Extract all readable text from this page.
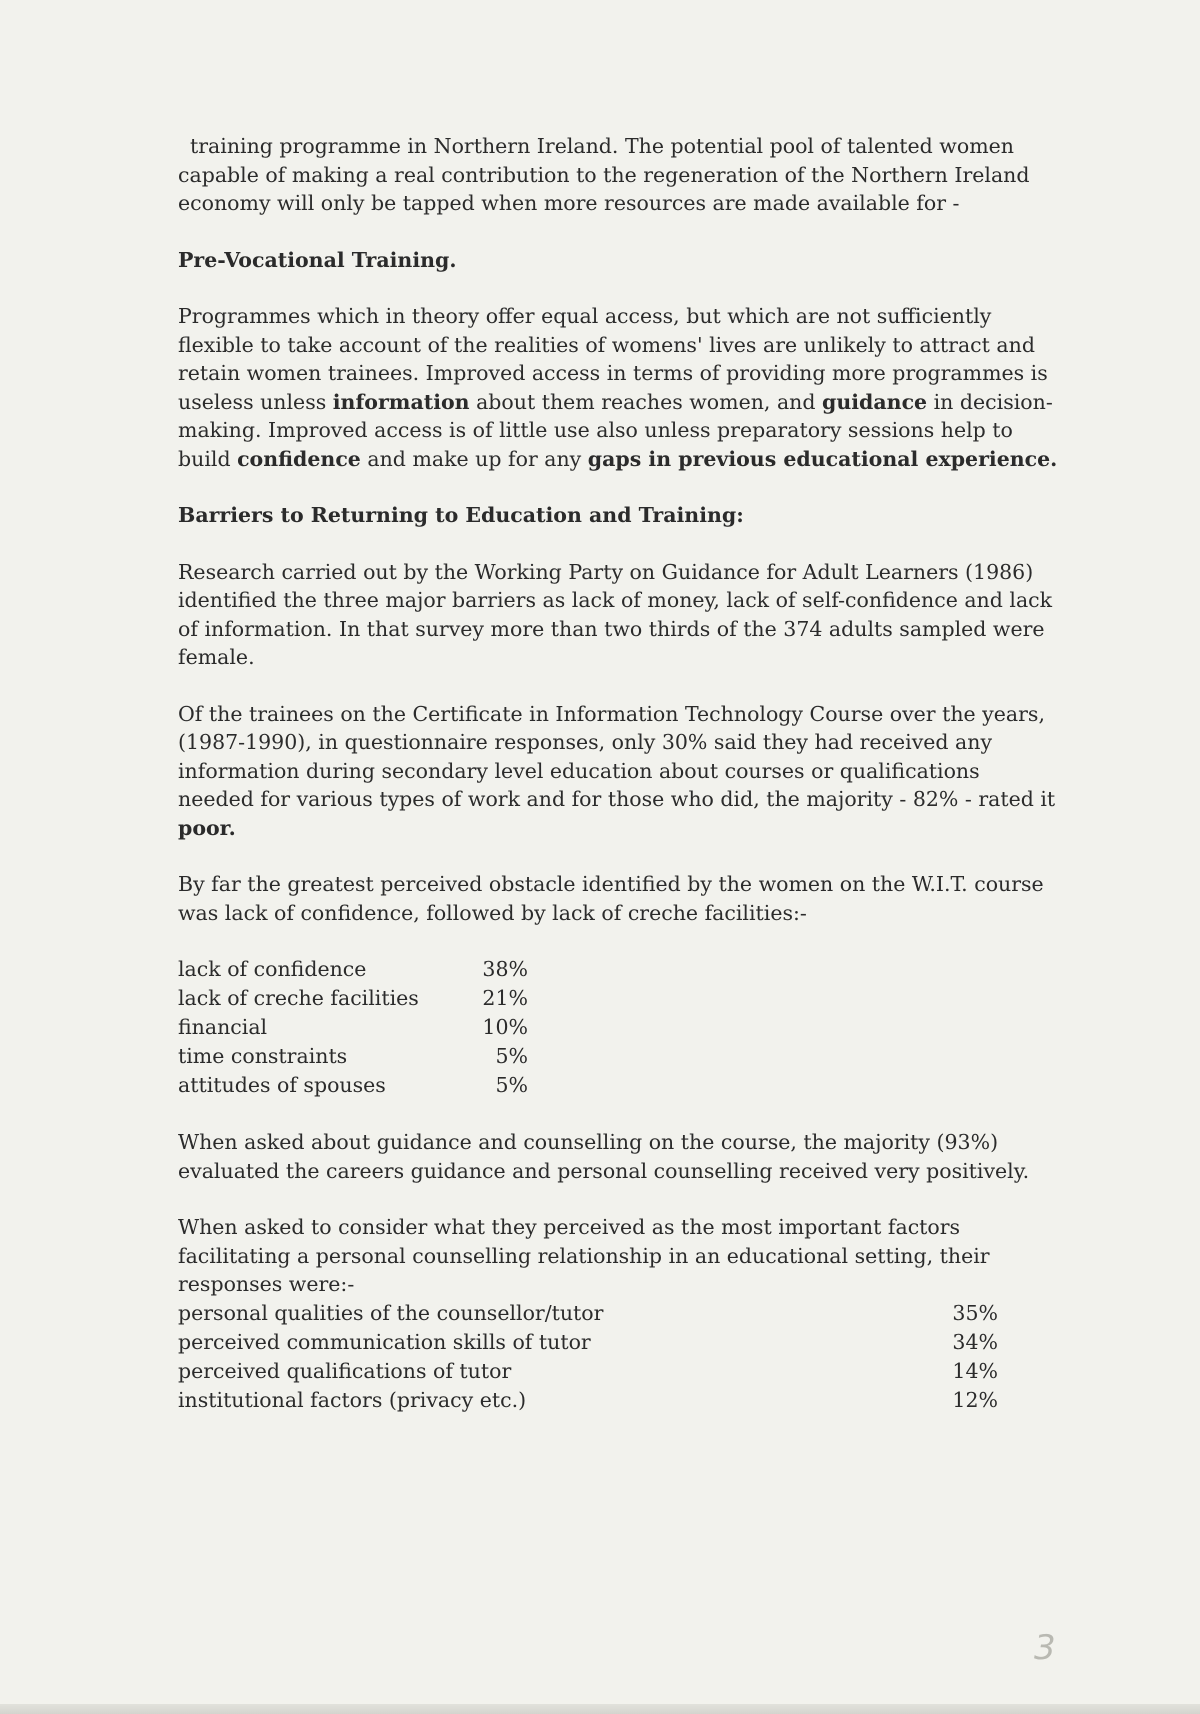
training programme in Northern Ireland. The potential pool of talented women capable of making a real contribution to the regeneration of the Northern Ireland economy will only be tapped when more resources are made available for -

Pre-Vocational Training.

Programmes which in theory offer equal access, but which are not sufficiently flexible to take account of the realities of womens' lives are unlikely to attract and retain women trainees. Improved access in terms of providing more programmes is useless unless information about them reaches women, and guidance in decision-making. Improved access is of little use also unless preparatory sessions help to build confidence and make up for any gaps in previous educational experience.

Barriers to Returning to Education and Training:

Research carried out by the Working Party on Guidance for Adult Learners (1986) identified the three major barriers as lack of money, lack of self-confidence and lack of information. In that survey more than two thirds of the 374 adults sampled were female.

Of the trainees on the Certificate in Information Technology Course over the years, (1987-1990), in questionnaire responses, only 30% said they had received any information during secondary level education about courses or qualifications needed for various types of work and for those who did, the majority - 82% - rated it poor.

By far the greatest perceived obstacle identified by the women on the W.I.T. course was lack of confidence, followed by lack of creche facilities:-

lack of confidence	38%
lack of creche facilities	21%
financial	10%
time constraints	5%
attitudes of spouses	5%

When asked about guidance and counselling on the course, the majority (93%) evaluated the careers guidance and personal counselling received very positively.

When asked to consider what they perceived as the most important factors facilitating a personal counselling relationship in an educational setting, their responses were:-

personal qualities of the counsellor/tutor	35%
perceived communication skills of tutor	34%
perceived qualifications of tutor	14%
institutional factors (privacy etc.)	12%
3
